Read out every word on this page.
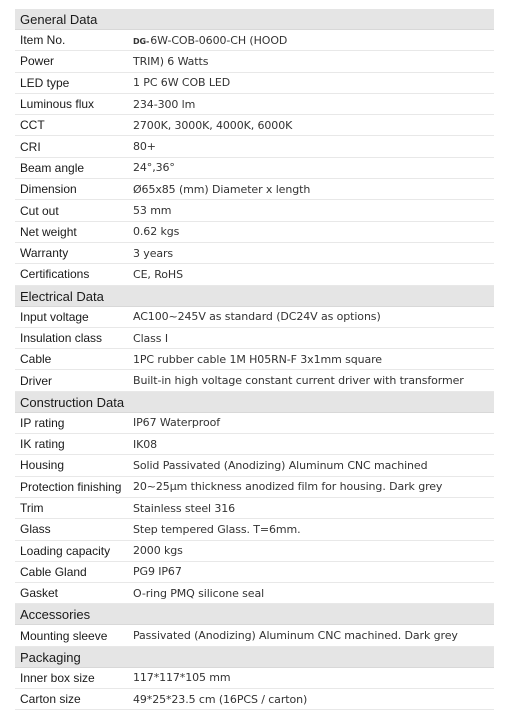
General Data
Item No.	DG-6W-COB-0600-CH (HOOD
Power	TRIM) 6 Watts
LED type	1 PC 6W COB LED
Luminous flux	234-300 lm
CCT	2700K, 3000K, 4000K, 6000K
CRI	80+
Beam angle	24°,36°
Dimension	Ø65x85 (mm) Diameter x length
Cut out	53 mm
Net weight	0.62 kgs
Warranty	3 years
Certifications	CE, RoHS
Electrical Data
Input voltage	AC100~245V as standard (DC24V as options)
Insulation class	Class I
Cable	1PC rubber cable 1M H05RN-F 3x1mm square
Driver	Built-in high voltage constant current driver with transformer
Construction Data
IP rating	IP67 Waterproof
IK rating	IK08
Housing	Solid Passivated (Anodizing) Aluminum CNC machined
Protection finishing	20~25μm thickness anodized film for housing. Dark grey
Trim	Stainless steel 316
Glass	Step tempered Glass. T=6mm.
Loading capacity	2000 kgs
Cable Gland	PG9 IP67
Gasket	O-ring PMQ silicone seal
Accessories
Mounting sleeve	Passivated (Anodizing) Aluminum CNC machined. Dark grey
Packaging
Inner box size	117*117*105 mm
Carton size	49*25*23.5 cm (16PCS / carton)
